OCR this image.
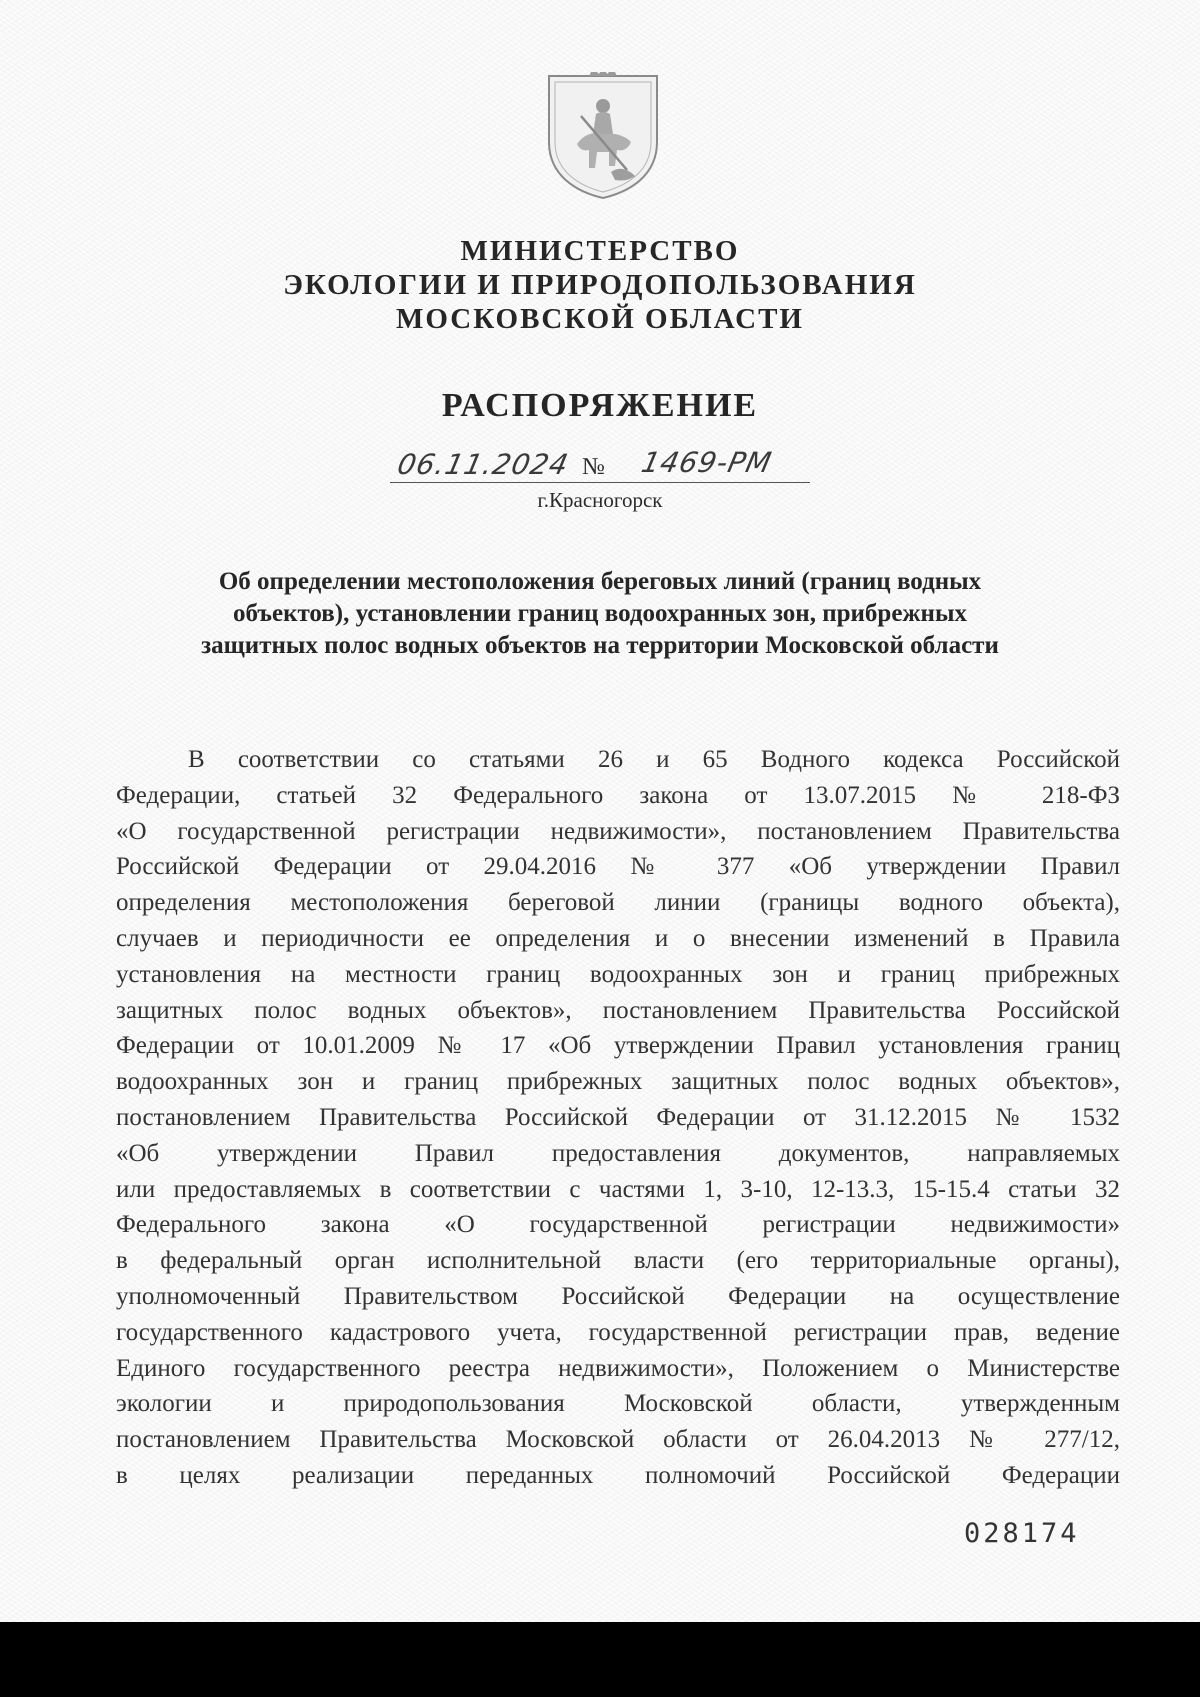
МИНИСТЕРСТВО
ЭКОЛОГИИ И ПРИРОДОПОЛЬЗОВАНИЯ
МОСКОВСКОЙ ОБЛАСТИ
РАСПОРЯЖЕНИЕ
06.11.2024 № 1469-РМ
г.Красногорск
Об определении местоположения береговых линий (границ водных
объектов), установлении границ водоохранных зон, прибрежных
защитных полос водных объектов на территории Московской области
В соответствии со статьями 26 и 65 Водного кодекса Российской
Федерации, статьей 32 Федерального закона от 13.07.2015 № 218-ФЗ
«О государственной регистрации недвижимости», постановлением Правительства
Российской Федерации от 29.04.2016 № 377 «Об утверждении Правил
определения местоположения береговой линии (границы водного объекта),
случаев и периодичности ее определения и о внесении изменений в Правила
установления на местности границ водоохранных зон и границ прибрежных
защитных полос водных объектов», постановлением Правительства Российской
Федерации от 10.01.2009 № 17 «Об утверждении Правил установления границ
водоохранных зон и границ прибрежных защитных полос водных объектов»,
постановлением Правительства Российской Федерации от 31.12.2015 № 1532
«Об утверждении Правил предоставления документов, направляемых
или предоставляемых в соответствии с частями 1, 3-10, 12-13.3, 15-15.4 статьи 32
Федерального закона «О государственной регистрации недвижимости»
в федеральный орган исполнительной власти (его территориальные органы),
уполномоченный Правительством Российской Федерации на осуществление
государственного кадастрового учета, государственной регистрации прав, ведение
Единого государственного реестра недвижимости», Положением о Министерстве
экологии и природопользования Московской области, утвержденным
постановлением Правительства Московской области от 26.04.2013 № 277/12,
в целях реализации переданных полномочий Российской Федерации
028174
